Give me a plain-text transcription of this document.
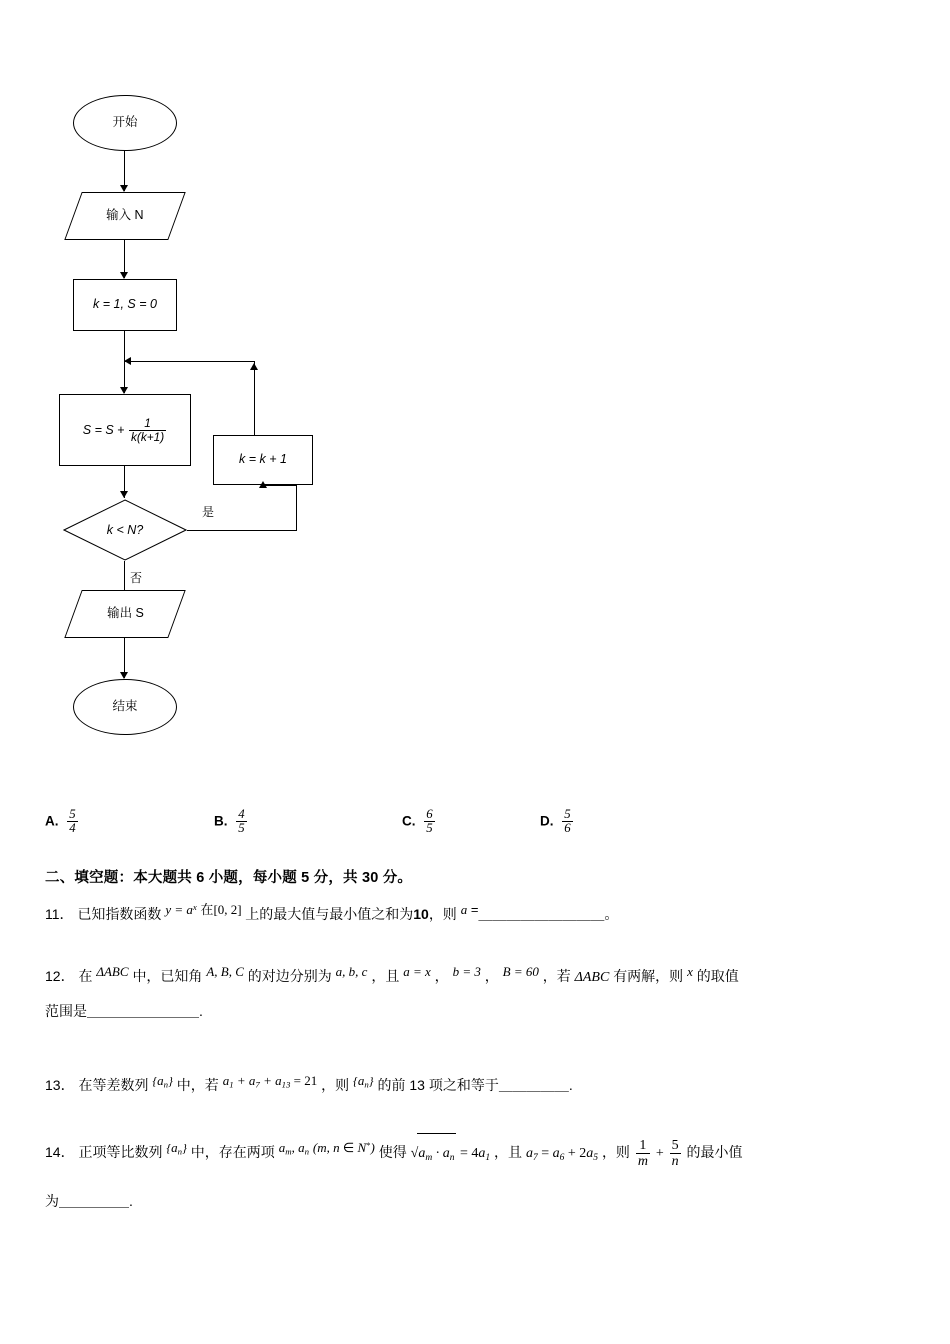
开始
输入 N
k = 1, S = 0
$S = S + \frac{1}{k(k+1)}$
k = k + 1
k < N?
是
否
输出 S
结束
A. $\frac{5}{4}$	B. $\frac{4}{5}$	C. $\frac{6}{5}$	D. $\frac{5}{6}$
二、填空题：本大题共 6 小题，每小题 5 分，共 30 分。
11． 已知指数函数 $y = a^x$ 在[0, 2] 上的最大值与最小值之和为10，则 a =＿＿＿＿＿＿＿＿＿。
12． 在 ΔABC 中，已知角 A, B, C 的对边分别为 a, b, c ，且 a = x ， b = 3 ， B = 60 ，若 ΔABC 有两解，则 x 的取值
范围是＿＿＿＿＿＿＿＿.
13． 在等差数列 $\{a_n\}$ 中，若 $a_1 + a_7 + a_{13} = 21$ ，则 $\{a_n\}$ 的前 13 项之和等于＿＿＿＿＿.
14． 正项等比数列 $\{a_n\}$ 中，存在两项 $a_m$, $a_n$ (m, n ∈ N*) 使得 $√a_m \cdot a_n = 4a_1$ ，且 $a_7 = a_6 + 2a_5$ ，则 $\frac{1}{m} + \frac{5}{n}$ 的最小值
为＿＿＿＿＿.
